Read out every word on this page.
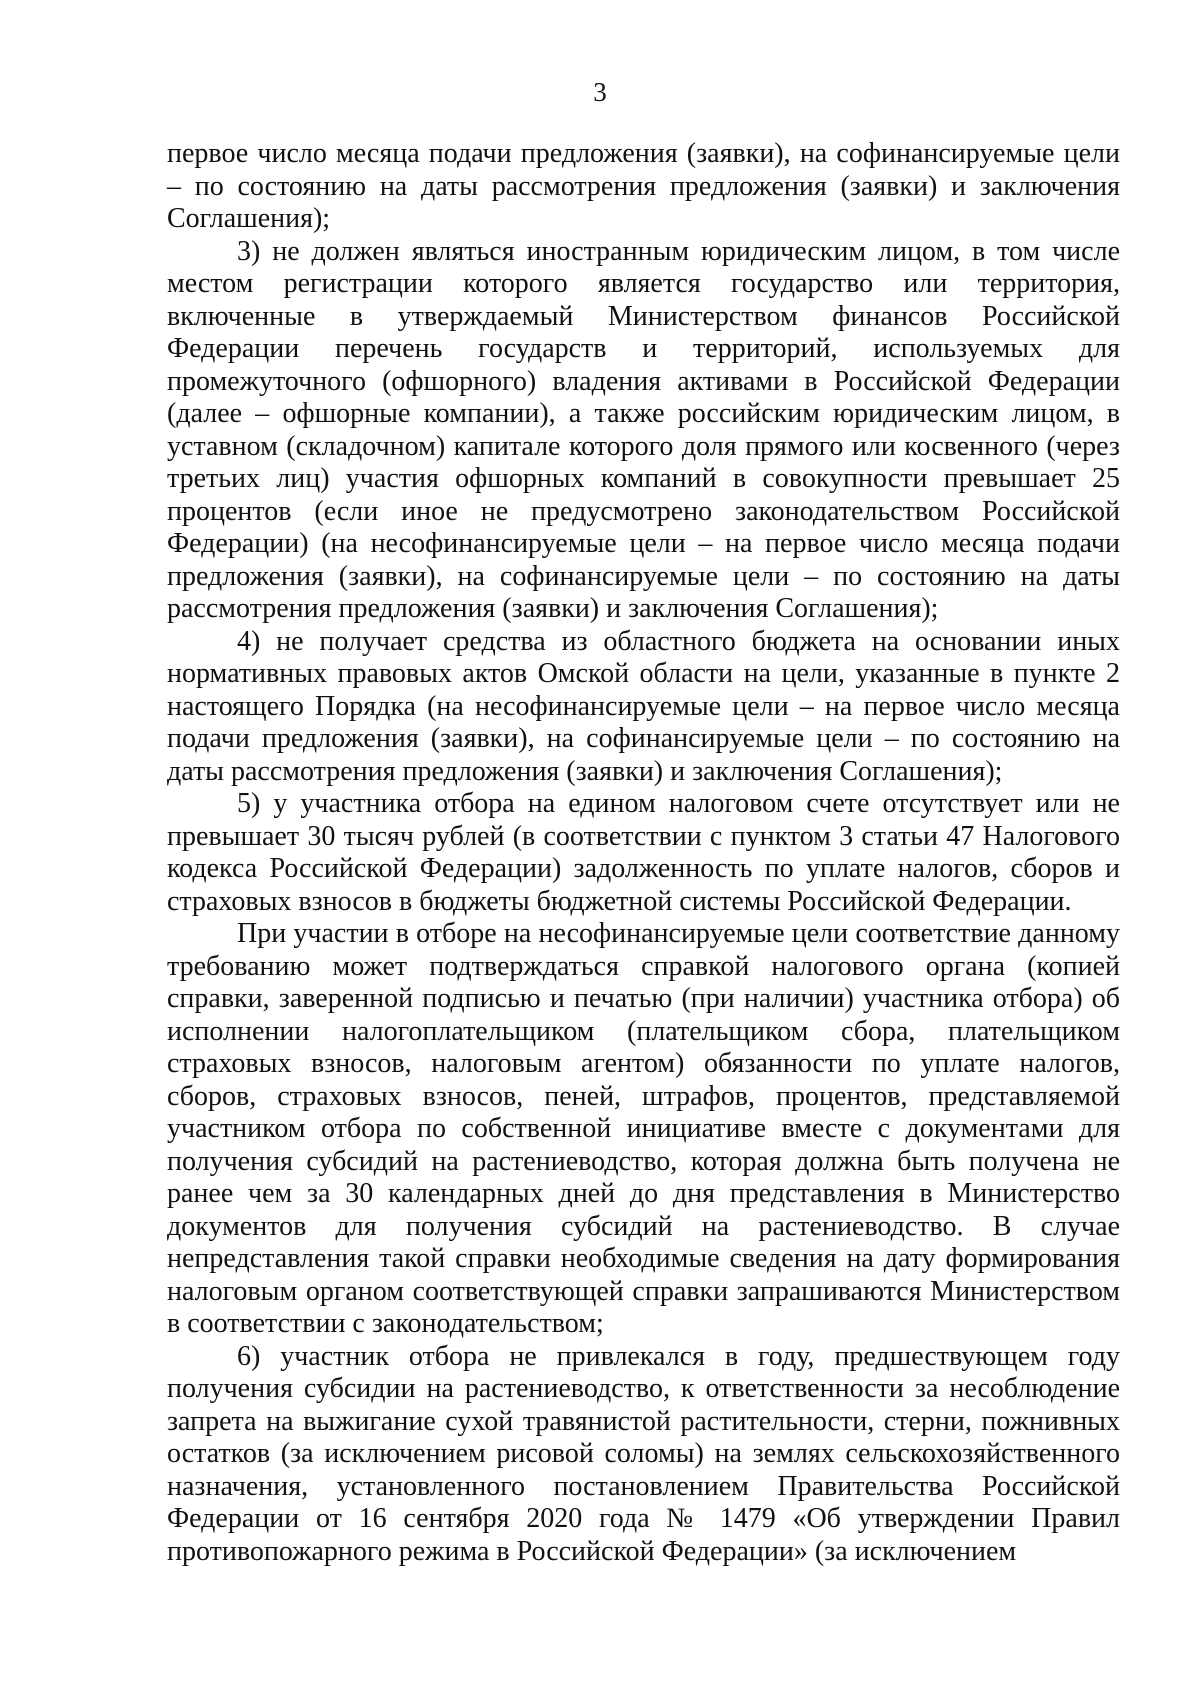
3

первое число месяца подачи предложения (заявки), на софинансируемые цели – по состоянию на даты рассмотрения предложения (заявки) и заключения Соглашения);

3) не должен являться иностранным юридическим лицом, в том числе местом регистрации которого является государство или территория, включенные в утверждаемый Министерством финансов Российской Федерации перечень государств и территорий, используемых для промежуточного (офшорного) владения активами в Российской Федерации (далее – офшорные компании), а также российским юридическим лицом, в уставном (складочном) капитале которого доля прямого или косвенного (через третьих лиц) участия офшорных компаний в совокупности превышает 25 процентов (если иное не предусмотрено законодательством Российской Федерации) (на несофинансируемые цели – на первое число месяца подачи предложения (заявки), на софинансируемые цели – по состоянию на даты рассмотрения предложения (заявки) и заключения Соглашения);

4) не получает средства из областного бюджета на основании иных нормативных правовых актов Омской области на цели, указанные в пункте 2 настоящего Порядка (на несофинансируемые цели – на первое число месяца подачи предложения (заявки), на софинансируемые цели – по состоянию на даты рассмотрения предложения (заявки) и заключения Соглашения);

5) у участника отбора на едином налоговом счете отсутствует или не превышает 30 тысяч рублей (в соответствии с пунктом 3 статьи 47 Налогового кодекса Российской Федерации) задолженность по уплате налогов, сборов и страховых взносов в бюджеты бюджетной системы Российской Федерации.

При участии в отборе на несофинансируемые цели соответствие данному требованию может подтверждаться справкой налогового органа (копией справки, заверенной подписью и печатью (при наличии) участника отбора) об исполнении налогоплательщиком (плательщиком сбора, плательщиком страховых взносов, налоговым агентом) обязанности по уплате налогов, сборов, страховых взносов, пеней, штрафов, процентов, представляемой участником отбора по собственной инициативе вместе с документами для получения субсидий на растениеводство, которая должна быть получена не ранее чем за 30 календарных дней до дня представления в Министерство документов для получения субсидий на растениеводство. В случае непредставления такой справки необходимые сведения на дату формирования налоговым органом соответствующей справки запрашиваются Министерством в соответствии с законодательством;

6) участник отбора не привлекался в году, предшествующем году получения субсидии на растениеводство, к ответственности за несоблюдение запрета на выжигание сухой травянистой растительности, стерни, пожнивных остатков (за исключением рисовой соломы) на землях сельскохозяйственного назначения, установленного постановлением Правительства Российской Федерации от 16 сентября 2020 года № 1479 «Об утверждении Правил противопожарного режима в Российской Федерации» (за исключением
